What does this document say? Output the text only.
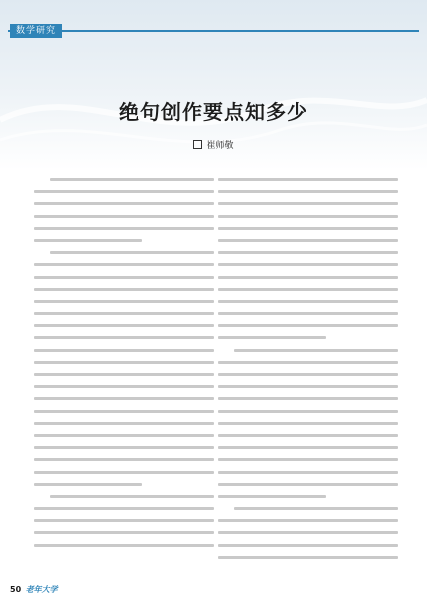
数学研究
绝句创作要点知多少
崔师敬
50 老年大学
